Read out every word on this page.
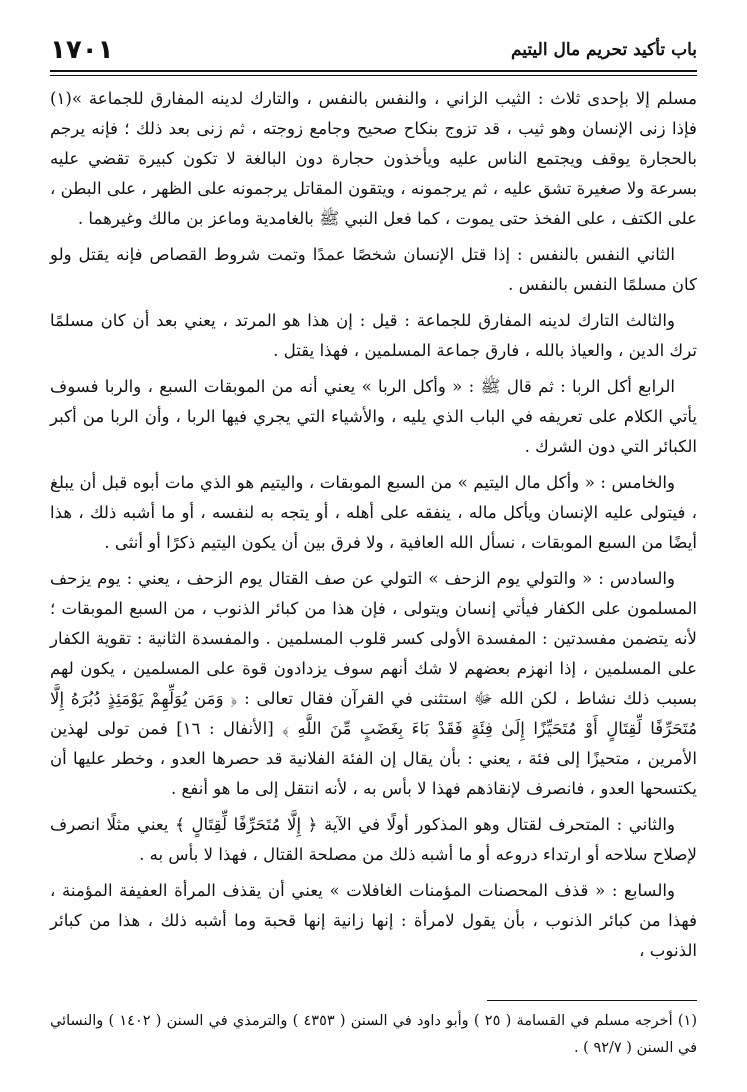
باب تأكيد تحريم مال اليتيم
١٧٠١

مسلم إلا بإحدى ثلاث : الثيب الزاني ، والنفس بالنفس ، والتارك لدينه المفارق للجماعة »(١) فإذا زنى الإنسان وهو ثيب ، قد تزوج بنكاح صحيح وجامع زوجته ، ثم زنى بعد ذلك ؛ فإنه يرجم بالحجارة يوقف ويجتمع الناس عليه ويأخذون حجارة دون البالغة لا تكون كبيرة تقضي عليه بسرعة ولا صغيرة تشق عليه ، ثم يرجمونه ، ويتقون المقاتل يرجمونه على الظهر ، على البطن ، على الكتف ، على الفخذ حتى يموت ، كما فعل النبي ﷺ بالغامدية وماعز بن مالك وغيرهما .

الثاني النفس بالنفس : إذا قتل الإنسان شخصًا عمدًا وتمت شروط القصاص فإنه يقتل ولو كان مسلمًا النفس بالنفس .

والثالث التارك لدينه المفارق للجماعة : قيل : إن هذا هو المرتد ، يعني بعد أن كان مسلمًا ترك الدين ، والعياذ بالله ، فارق جماعة المسلمين ، فهذا يقتل .

الرابع أكل الربا : ثم قال ﷺ : « وأكل الربا » يعني أنه من الموبقات السبع ، والربا فسوف يأتي الكلام على تعريفه في الباب الذي يليه ، والأشياء التي يجري فيها الربا ، وأن الربا من أكبر الكبائر التي دون الشرك .

والخامس : « وأكل مال اليتيم » من السبع الموبقات ، واليتيم هو الذي مات أبوه قبل أن يبلغ ، فيتولى عليه الإنسان ويأكل ماله ، ينفقه على أهله ، أو يتجه به لنفسه ، أو ما أشبه ذلك ، هذا أيضًا من السبع الموبقات ، نسأل الله العافية ، ولا فرق بين أن يكون اليتيم ذكرًا أو أنثى .

والسادس : « والتولي يوم الزحف » التولي عن صف القتال يوم الزحف ، يعني : يوم يزحف المسلمون على الكفار فيأتي إنسان ويتولى ، فإن هذا من كبائر الذنوب ، من السبع الموبقات ؛ لأنه يتضمن مفسدتين : المفسدة الأولى كسر قلوب المسلمين . والمفسدة الثانية : تقوية الكفار على المسلمين ، إذا انهزم بعضهم لا شك أنهم سوف يزدادون قوة على المسلمين ، يكون لهم بسبب ذلك نشاط ، لكن الله ﷻ استثنى في القرآن فقال تعالى : ﴿ وَمَن يُوَلِّهِمْ يَوْمَئِذٍ دُبُرَهُ إِلَّا مُتَحَرِّفًا لِّقِتَالٍ أَوْ مُتَحَيِّزًا إِلَىٰ فِئَةٍ فَقَدْ بَاءَ بِغَضَبٍ مِّنَ اللَّهِ ﴾ [الأنفال : ١٦] فمن تولى لهذين الأمرين ، متحيزًا إلى فئة ، يعني : بأن يقال إن الفئة الفلانية قد حصرها العدو ، وخطر عليها أن يكتسحها العدو ، فانصرف لإنقاذهم فهذا لا بأس به ، لأنه انتقل إلى ما هو أنفع .

والثاني : المتحرف لقتال وهو المذكور أولًا في الآية ﴿ إِلَّا مُتَحَرِّفًا لِّقِتَالٍ ﴾ يعني مثلًا انصرف لإصلاح سلاحه أو ارتداء دروعه أو ما أشبه ذلك من مصلحة القتال ، فهذا لا بأس به .

والسابع : « قذف المحصنات المؤمنات الغافلات » يعني أن يقذف المرأة العفيفة المؤمنة ، فهذا من كبائر الذنوب ، بأن يقول لامرأة : إنها زانية إنها قحبة وما أشبه ذلك ، هذا من كبائر الذنوب ،

(١) أخرجه مسلم في القسامة ( ٢٥ ) وأبو داود في السنن ( ٤٣٥٣ ) والترمذي في السنن ( ١٤٠٢ ) والنسائي في السنن ( ٩٢/٧ ) .
